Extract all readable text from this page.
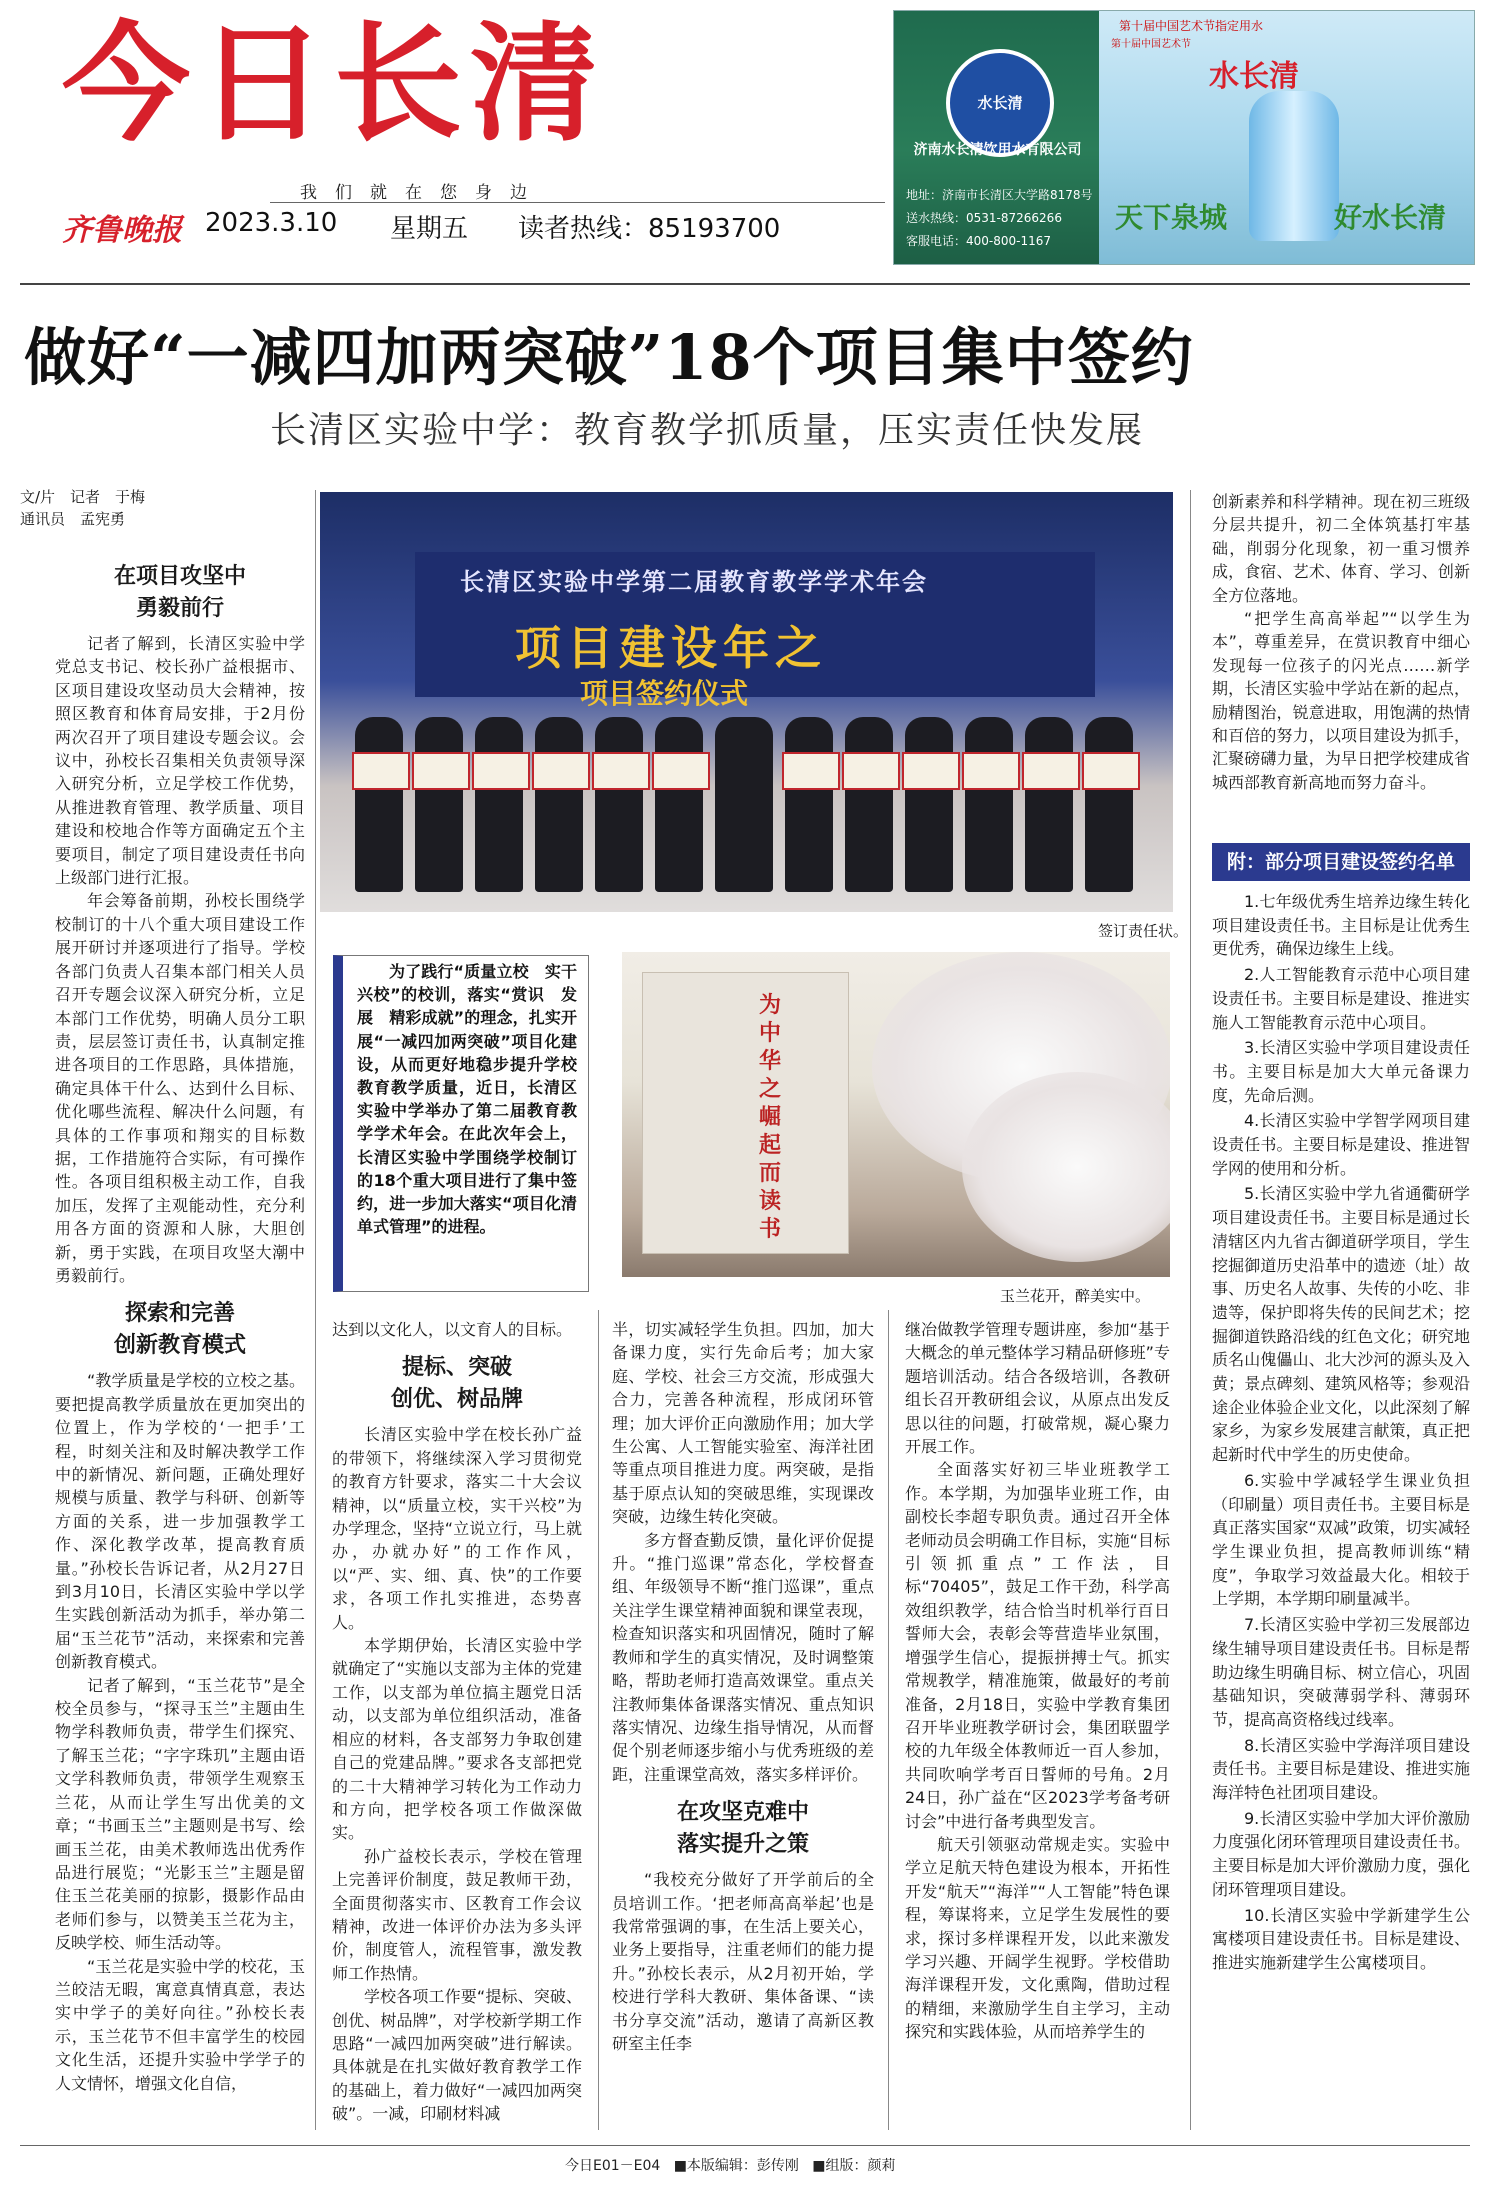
今日长清
我们就在您身边
齐鲁晚报 2023.3.10 星期五 读者热线：85193700
水长清
济南水长清饮用水有限公司
地址：济南市长清区大学路8178号
送水热线：0531-87266266
客服电话：400-800-1167
第十届中国艺术节指定用水
第十届中国艺术节
水长清
天下泉城	好水长清
做好“一减四加两突破”18个项目集中签约
长清区实验中学：教育教学抓质量，压实责任快发展
文/片　记者　于梅
通讯员　孟宪勇
在项目攻坚中
勇毅前行

记者了解到，长清区实验中学党总支书记、校长孙广益根据市、区项目建设攻坚动员大会精神，按照区教育和体育局安排，于2月份两次召开了项目建设专题会议。会议中，孙校长召集相关负责领导深入研究分析，立足学校工作优势，从推进教育管理、教学质量、项目建设和校地合作等方面确定五个主要项目，制定了项目建设责任书向上级部门进行汇报。

年会筹备前期，孙校长围绕学校制订的十八个重大项目建设工作展开研讨并逐项进行了指导。学校各部门负责人召集本部门相关人员召开专题会议深入研究分析，立足本部门工作优势，明确人员分工职责，层层签订责任书，认真制定推进各项目的工作思路，具体措施，确定具体干什么、达到什么目标、优化哪些流程、解决什么问题，有具体的工作事项和翔实的目标数据，工作措施符合实际，有可操作性。各项目组积极主动工作，自我加压，发挥了主观能动性，充分利用各方面的资源和人脉，大胆创新，勇于实践，在项目攻坚大潮中勇毅前行。

探索和完善
创新教育模式

“教学质量是学校的立校之基。要把提高教学质量放在更加突出的位置上，作为学校的‘一把手’工程，时刻关注和及时解决教学工作中的新情况、新问题，正确处理好规模与质量、教学与科研、创新等方面的关系，进一步加强教学工作、深化教学改革，提高教育质量。”孙校长告诉记者，从2月27日到3月10日，长清区实验中学以学生实践创新活动为抓手，举办第二届“玉兰花节”活动，来探索和完善创新教育模式。

记者了解到，“玉兰花节”是全校全员参与，“探寻玉兰”主题由生物学科教师负责，带学生们探究、了解玉兰花；“字字珠玑”主题由语文学科教师负责，带领学生观察玉兰花，从而让学生写出优美的文章；“书画玉兰”主题则是书写、绘画玉兰花，由美术教师选出优秀作品进行展览；“光影玉兰”主题是留住玉兰花美丽的掠影，摄影作品由老师们参与，以赞美玉兰花为主，反映学校、师生活动等。

“玉兰花是实验中学的校花，玉兰皎洁无暇，寓意真情真意，表达实中学子的美好向往。”孙校长表示，玉兰花节不但丰富学生的校园文化生活，还提升实验中学学子的人文情怀，增强文化自信，

长清区实验中学第二届教育教学学术年会
项目建设年之
项目签约仪式
签订责任状。
为了践行“质量立校　实干兴校”的校训，落实“赏识　发展　精彩成就”的理念，扎实开展“一减四加两突破”项目化建设，从而更好地稳步提升学校教育教学质量，近日，长清区实验中学举办了第二届教育教学学术年会。在此次年会上，长清区实验中学围绕学校制订的18个重大项目进行了集中签约，进一步加大落实“项目化清单式管理”的进程。
为中华之崛起而读书
玉兰花开，醉美实中。

达到以文化人，以文育人的目标。

提标、突破
创优、树品牌

长清区实验中学在校长孙广益的带领下，将继续深入学习贯彻党的教育方针要求，落实二十大会议精神，以“质量立校，实干兴校”为办学理念，坚持“立说立行，马上就办，办就办好”的工作作风，以“严、实、细、真、快”的工作要求，各项工作扎实推进，态势喜人。

本学期伊始，长清区实验中学就确定了“实施以支部为主体的党建工作，以支部为单位搞主题党日活动，以支部为单位组织活动，准备相应的材料，各支部努力争取创建自己的党建品牌。”要求各支部把党的二十大精神学习转化为工作动力和方向，把学校各项工作做深做实。

孙广益校长表示，学校在管理上完善评价制度，鼓足教师干劲，全面贯彻落实市、区教育工作会议精神，改进一体评价办法为多头评价，制度管人，流程管事，激发教师工作热情。

学校各项工作要“提标、突破、创优、树品牌”，对学校新学期工作思路“一减四加两突破”进行解读。具体就是在扎实做好教育教学工作的基础上，着力做好“一减四加两突破”。一减，印刷材料减

半，切实减轻学生负担。四加，加大备课力度，实行先命后考；加大家庭、学校、社会三方交流，形成强大合力，完善各种流程，形成闭环管理；加大评价正向激励作用；加大学生公寓、人工智能实验室、海洋社团等重点项目推进力度。两突破，是指基于原点认知的突破思维，实现课改突破，边缘生转化突破。

多方督查勤反馈，量化评价促提升。“推门巡课”常态化，学校督查组、年级领导不断“推门巡课”，重点关注学生课堂精神面貌和课堂表现，检查知识落实和巩固情况，随时了解教师和学生的真实情况，及时调整策略，帮助老师打造高效课堂。重点关注教师集体备课落实情况、重点知识落实情况、边缘生指导情况，从而督促个别老师逐步缩小与优秀班级的差距，注重课堂高效，落实多样评价。

在攻坚克难中
落实提升之策

“我校充分做好了开学前后的全员培训工作。‘把老师高高举起’也是我常常强调的事，在生活上要关心，业务上要指导，注重老师们的能力提升。”孙校长表示，从2月初开始，学校进行学科大教研、集体备课、“读书分享交流”活动，邀请了高新区教研室主任李

继冶做教学管理专题讲座，参加“基于大概念的单元整体学习精品研修班”专题培训活动。结合各级培训，各教研组长召开教研组会议，从原点出发反思以往的问题，打破常规，凝心聚力开展工作。

全面落实好初三毕业班教学工作。本学期，为加强毕业班工作，由副校长李超专职负责。通过召开全体老师动员会明确工作目标，实施“目标引领抓重点”工作法，目标“70405”，鼓足工作干劲，科学高效组织教学，结合恰当时机举行百日誓师大会，表彰会等营造毕业氛围，增强学生信心，提振拼搏士气。抓实常规教学，精准施策，做最好的考前准备，2月18日，实验中学教育集团召开毕业班教学研讨会，集团联盟学校的九年级全体教师近一百人参加，共同吹响学考百日誓师的号角。2月24日，孙广益在“区2023学考备考研讨会”中进行备考典型发言。

航天引领驱动常规走实。实验中学立足航天特色建设为根本，开拓性开发“航天”“海洋”“人工智能”特色课程，筹谋将来，立足学生发展性的要求，探讨多样课程开发，以此来激发学习兴趣、开阔学生视野。学校借助海洋课程开发，文化熏陶，借助过程的精细，来激励学生自主学习，主动探究和实践体验，从而培养学生的

创新素养和科学精神。现在初三班级分层共提升，初二全体筑基打牢基础，削弱分化现象，初一重习惯养成，食宿、艺术、体育、学习、创新全方位落地。

“把学生高高举起”“以学生为本”，尊重差异，在赏识教育中细心发现每一位孩子的闪光点……新学期，长清区实验中学站在新的起点，励精图治，锐意进取，用饱满的热情和百倍的努力，以项目建设为抓手，汇聚磅礴力量，为早日把学校建成省城西部教育新高地而努力奋斗。

附：部分项目建设签约名单

1.七年级优秀生培养边缘生转化项目建设责任书。主目标是让优秀生更优秀，确保边缘生上线。

2.人工智能教育示范中心项目建设责任书。主要目标是建设、推进实施人工智能教育示范中心项目。

3.长清区实验中学项目建设责任书。主要目标是加大大单元备课力度，先命后测。

4.长清区实验中学智学网项目建设责任书。主要目标是建设、推进智学网的使用和分析。

5.长清区实验中学九省通衢研学项目建设责任书。主要目标是通过长清辖区内九省古御道研学项目，学生挖掘御道历史沿革中的遗迹（址）故事、历史名人故事、失传的小吃、非遗等，保护即将失传的民间艺术；挖掘御道铁路沿线的红色文化；研究地质名山傀儡山、北大沙河的源头及入黄；景点碑刻、建筑风格等；参观沿途企业体验企业文化，以此深刻了解家乡，为家乡发展建言献策，真正把起新时代中学生的历史使命。

6.实验中学减轻学生课业负担（印刷量）项目责任书。主要目标是真正落实国家“双减”政策，切实减轻学生课业负担，提高教师训练“精度”，争取学习效益最大化。相较于上学期，本学期印刷量减半。

7.长清区实验中学初三发展部边缘生辅导项目建设责任书。目标是帮助边缘生明确目标、树立信心，巩固基础知识，突破薄弱学科、薄弱环节，提高高资格线过线率。

8.长清区实验中学海洋项目建设责任书。主要目标是建设、推进实施海洋特色社团项目建设。

9.长清区实验中学加大评价激励力度强化闭环管理项目建设责任书。主要目标是加大评价激励力度，强化闭环管理项目建设。

10.长清区实验中学新建学生公寓楼项目建设责任书。目标是建设、推进实施新建学生公寓楼项目。

今日E01－E04 ■本版编辑：彭传刚 ■组版：颜莉
